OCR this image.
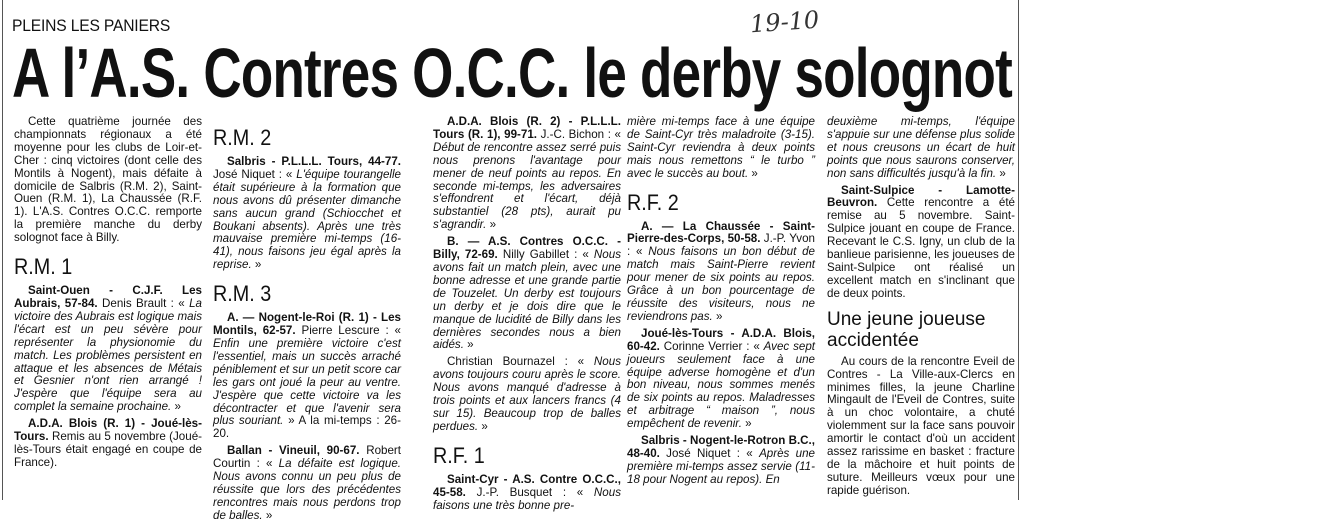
PLEINS LES PANIERS	19-10
A l’A.S. Contres O.C.C. le derby solognot

Cette quatrième journée des championnats régionaux a été moyenne pour les clubs de Loir-et-Cher : cinq victoires (dont celle des Montils à Nogent), mais défaite à domicile de Salbris (R.M. 2), Saint-Ouen (R.M. 1), La Chaussée (R.F. 1). L'A.S. Contres O.C.C. remporte la première manche du derby solognot face à Billy.

R.M. 1

Saint-Ouen - C.J.F. Les Aubrais, 57-84. Denis Brault : « La victoire des Aubrais est logique mais l'écart est un peu sévère pour représenter la physionomie du match. Les problèmes persistent en attaque et les absences de Métais et Gesnier n'ont rien arrangé ! J'espère que l'équipe sera au complet la semaine prochaine. »

A.D.A. Blois (R. 1) - Joué-lès-Tours. Remis au 5 novembre (Joué-lès-Tours était engagé en coupe de France).

R.M. 2

Salbris - P.L.L.L. Tours, 44-77. José Niquet : « L'équipe tourangelle était supérieure à la formation que nous avons dû présenter dimanche sans aucun grand (Schiocchet et Boukani absents). Après une très mauvaise première mi-temps (16-41), nous faisons jeu égal après la reprise. »

R.M. 3

A. — Nogent-le-Roi (R. 1) - Les Montils, 62-57. Pierre Lescure : « Enfin une première victoire c'est l'essentiel, mais un succès arraché péniblement et sur un petit score car les gars ont joué la peur au ventre. J'espère que cette victoire va les décontracter et que l'avenir sera plus souriant. » A la mi-temps : 26-20.

Ballan - Vineuil, 90-67. Robert Courtin : « La défaite est logique. Nous avons connu un peu plus de réussite que lors des précédentes rencontres mais nous perdons trop de balles. »

A.D.A. Blois (R. 2) - P.L.L.L. Tours (R. 1), 99-71. J.-C. Bichon : « Début de rencontre assez serré puis nous prenons l'avantage pour mener de neuf points au repos. En seconde mi-temps, les adversaires s'effondrent et l'écart, déjà substantiel (28 pts), aurait pu s'agrandir. »

B. — A.S. Contres O.C.C. - Billy, 72-69. Nilly Gabillet : « Nous avons fait un match plein, avec une bonne adresse et une grande partie de Touzelet. Un derby est toujours un derby et je dois dire que le manque de lucidité de Billy dans les dernières secondes nous a bien aidés. »

Christian Bournazel : « Nous avons toujours couru après le score. Nous avons manqué d'adresse à trois points et aux lancers francs (4 sur 15). Beaucoup trop de balles perdues. »

R.F. 1

Saint-Cyr - A.S. Contre O.C.C., 45-58. J.-P. Busquet : « Nous faisons une très bonne pre-

mière mi-temps face à une équipe de Saint-Cyr très maladroite (3-15). Saint-Cyr reviendra à deux points mais nous remettons “ le turbo ” avec le succès au bout. »

R.F. 2

A. — La Chaussée - Saint-Pierre-des-Corps, 50-58. J.-P. Yvon : « Nous faisons un bon début de match mais Saint-Pierre revient pour mener de six points au repos. Grâce à un bon pourcentage de réussite des visiteurs, nous ne reviendrons pas. »

Joué-lès-Tours - A.D.A. Blois, 60-42. Corinne Verrier : « Avec sept joueurs seulement face à une équipe adverse homogène et d'un bon niveau, nous sommes menés de six points au repos. Maladresses et arbitrage “ maison ”, nous empêchent de revenir. »

Salbris - Nogent-le-Rotron B.C., 48-40. José Niquet : « Après une première mi-temps assez servie (11-18 pour Nogent au repos). En

deuxième mi-temps, l'équipe s'appuie sur une défense plus solide et nous creusons un écart de huit points que nous saurons conserver, non sans difficultés jusqu'à la fin. »

Saint-Sulpice - Lamotte-Beuvron. Cette rencontre a été remise au 5 novembre. Saint-Sulpice jouant en coupe de France. Recevant le C.S. Igny, un club de la banlieue parisienne, les joueuses de Saint-Sulpice ont réalisé un excellent match en s'inclinant que de deux points.

Une jeune joueuse accidentée

Au cours de la rencontre Eveil de Contres - La Ville-aux-Clercs en minimes filles, la jeune Charline Mingault de l'Eveil de Contres, suite à un choc volontaire, a chuté violemment sur la face sans pouvoir amortir le contact d'où un accident assez rarissime en basket : fracture de la mâchoire et huit points de suture. Meilleurs vœux pour une rapide guérison.
